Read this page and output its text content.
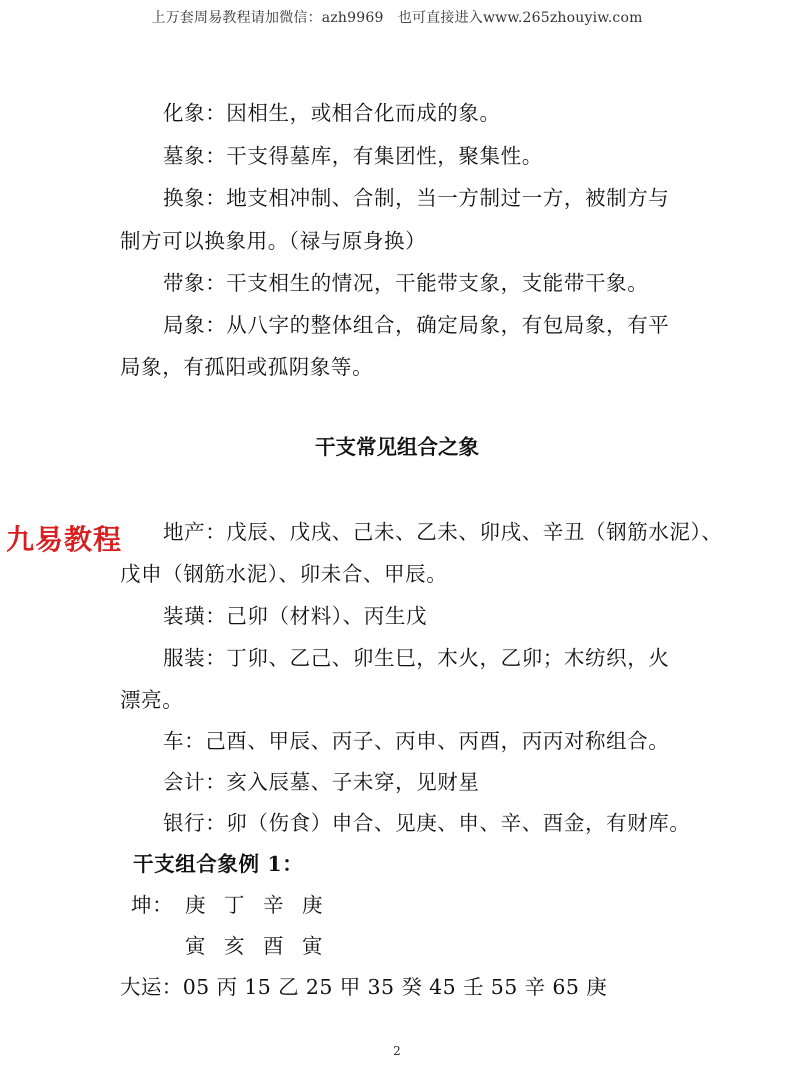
上万套周易教程请加微信：azh9969　也可直接进入www.265zhouyiw.com
化象：因相生，或相合化而成的象。
墓象：干支得墓库，有集团性，聚集性。
换象：地支相冲制、合制，当一方制过一方，被制方与
制方可以换象用。（禄与原身换）
带象：干支相生的情况，干能带支象，支能带干象。
局象：从八字的整体组合，确定局象，有包局象，有平
局象，有孤阳或孤阴象等。
干支常见组合之象
地产：戊辰、戊戌、己未、乙未、卯戌、辛丑（钢筋水泥）、
戊申（钢筋水泥）、卯未合、甲辰。
装璜：己卯（材料）、丙生戊
服装：丁卯、乙己、卯生巳，木火，乙卯；木纺织，火
漂亮。
车：己酉、甲辰、丙子、丙申、丙酉，丙丙对称组合。
会计：亥入辰墓、子未穿，见财星
银行：卯（伤食）申合、见庚、申、辛、酉金，有财库。
干支组合象例 1：
坤： 庚 丁 辛 庚
寅 亥 酉 寅
大运：05 丙 15 乙 25 甲 35 癸 45 壬 55 辛 65 庚
九易教程
2
